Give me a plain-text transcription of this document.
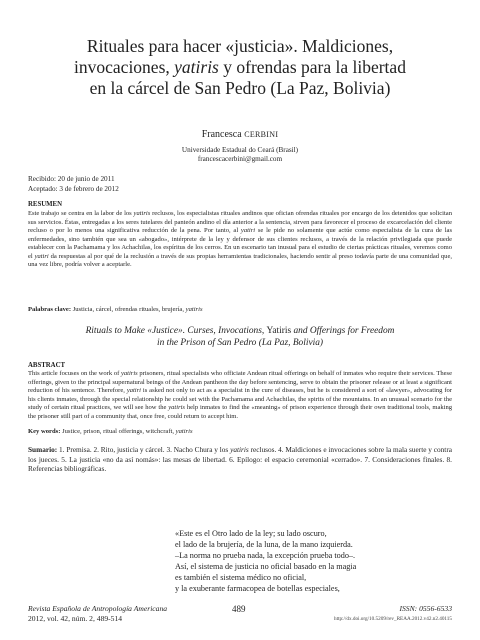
Rituales para hacer «justicia». Maldiciones,
invocaciones, yatiris y ofrendas para la libertad
en la cárcel de San Pedro (La Paz, Bolivia)
Francesca CERBINI
Universidade Estadual do Ceará (Brasil)
francescacerbini@gmail.com
Recibido: 20 de junio de 2011
Aceptado: 3 de febrero de 2012
RESUMEN

Este trabajo se centra en la labor de los yatiris reclusos, los especialistas rituales andinos que ofician ofrendas rituales por encargo de los detenidos que solicitan sus servicios. Éstas, entregadas a los seres tutelares del panteón andino el día anterior a la sentencia, sirven para favorecer el proceso de excarcelación del cliente recluso o por lo menos una significativa reducción de la pena. Por tanto, al yatiri se le pide no solamente que actúe como especialista de la cura de las enfermedades, sino también que sea un «abogado», intérprete de la ley y defensor de sus clientes reclusos, a través de la relación privilegiada que puede establecer con la Pachamama y los Achachilas, los espíritus de los cerros. En un escenario tan inusual para el estudio de ciertas prácticas rituales, veremos como el yatiri da respuestas al por qué de la reclusión a través de sus propias herramientas tradicionales, haciendo sentir al preso todavía parte de una comunidad que, una vez libre, podría volver a aceptarle.

Palabras clave: Justicia, cárcel, ofrendas rituales, brujería, yatiris
Rituals to Make «Justice». Curses, Invocations, Yatiris and Offerings for Freedom
in the Prison of San Pedro (La Paz, Bolivia)
ABSTRACT

This article focuses on the work of yatiris prisoners, ritual specialists who officiate Andean ritual offerings on behalf of inmates who require their services. These offerings, given to the principal supernatural beings of the Andean pantheon the day before sentencing, serve to obtain the prisoner release or at least a significant reduction of his sentence. Therefore, yatiri is asked not only to act as a specialist in the cure of diseases, but he is considered a sort of «lawyer», advocating for his clients inmates, through the special relationship he could set with the Pachamama and Achachilas, the spirits of the mountains. In an unusual scenario for the study of certain ritual practices, we will see how the yatiris help inmates to find the «meaning» of prison experience through their own traditional tools, making the prisoner still part of a community that, once free, could return to accept him.

Key words: Justice, prison, ritual offerings, witchcraft, yatiris

Sumario: 1. Premisa. 2. Rito, justicia y cárcel. 3. Nacho Chura y los yatiris reclusos. 4. Maldiciones e invocaciones sobre la mala suerte y contra los jueces. 5. La justicia «no da así nomás»: las mesas de libertad. 6. Epílogo: el espacio ceremonial «cerrado». 7. Consideraciones finales. 8. Referencias bibliográficas.

«Este es el Otro lado de la ley; su lado oscuro,
el lado de la brujería, de la luna, de la mano izquierda.
–La norma no prueba nada, la excepción prueba todo–.
Así, el sistema de justicia no oficial basado en la magia
es también el sistema médico no oficial,
y la exuberante farmacopea de botellas especiales,
Revista Española de Antropología Americana
2012, vol. 42, núm. 2, 489-514
489	ISSN: 0556-6533
http://dx.doi.org/10.5209/rev_REAA.2012.v42.n2.40115
